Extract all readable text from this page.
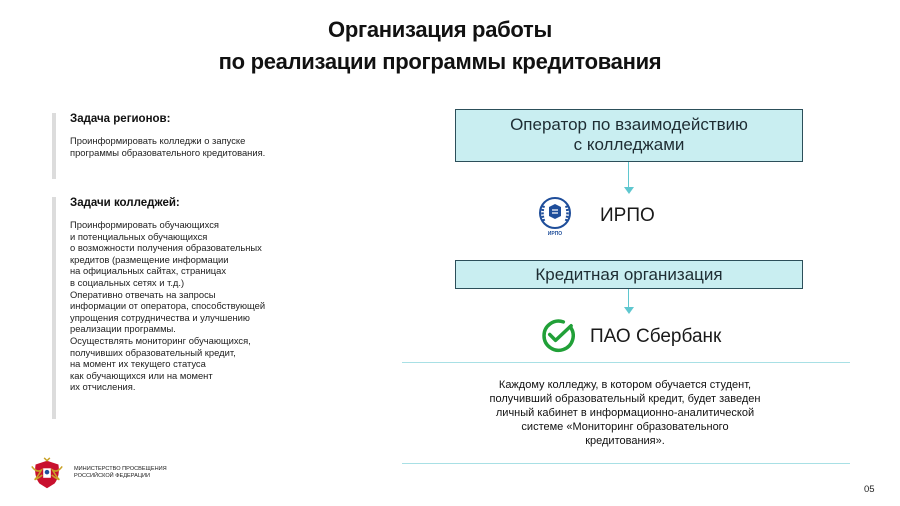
Организация работы
по реализации программы кредитования
Задача регионов:
Проинформировать колледжи о запуске
программы образовательного кредитования.
Задачи колледжей:
Проинформировать обучающихся
и потенциальных обучающихся
о возможности получения образовательных
кредитов (размещение информации
на официальных сайтах, страницах
в социальных сетях и т.д.)
Оперативно отвечать на запросы
информации от оператора, способствующей
упрощения сотрудничества и улучшению
реализации программы.
Осуществлять мониторинг обучающихся,
получивших образовательный кредит,
на момент их текущего статуса
как обучающихся или на момент
их отчисления.
Оператор по взаимодействию
с колледжами
ИРПО
ИРПО
Кредитная организация
ПАО Сбербанк
Каждому колледжу, в котором обучается студент,
получивший образовательный кредит, будет заведен
личный кабинет в информационно-аналитической
системе «Мониторинг образовательного
кредитования».
МИНИСТЕРСТВО ПРОСВЕЩЕНИЯ
РОССИЙСКОЙ ФЕДЕРАЦИИ
05
